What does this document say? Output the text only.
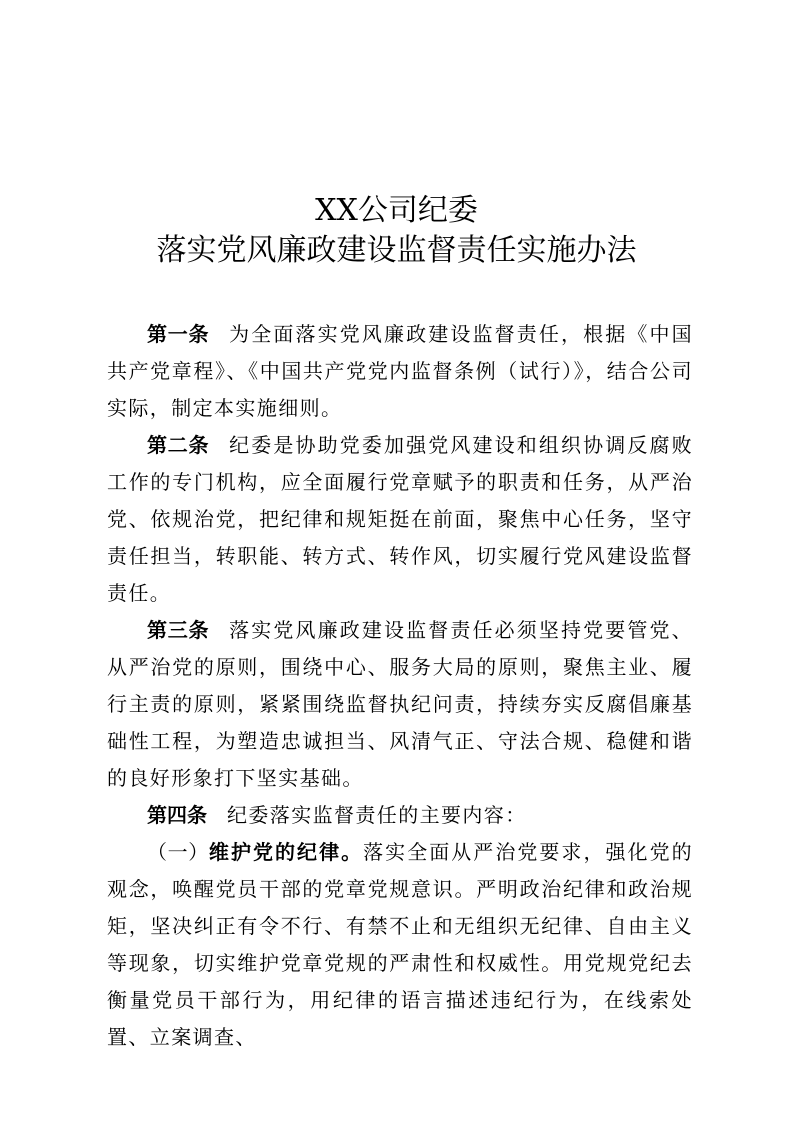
XX公司纪委
落实党风廉政建设监督责任实施办法

第一条 为全面落实党风廉政建设监督责任，根据《中国共产党章程》、《中国共产党党内监督条例（试行）》，结合公司实际，制定本实施细则。

第二条 纪委是协助党委加强党风建设和组织协调反腐败工作的专门机构，应全面履行党章赋予的职责和任务，从严治党、依规治党，把纪律和规矩挺在前面，聚焦中心任务，坚守责任担当，转职能、转方式、转作风，切实履行党风建设监督责任。

第三条 落实党风廉政建设监督责任必须坚持党要管党、从严治党的原则，围绕中心、服务大局的原则，聚焦主业、履行主责的原则，紧紧围绕监督执纪问责，持续夯实反腐倡廉基础性工程，为塑造忠诚担当、风清气正、守法合规、稳健和谐的良好形象打下坚实基础。

第四条 纪委落实监督责任的主要内容：

（一）维护党的纪律。落实全面从严治党要求，强化党的观念，唤醒党员干部的党章党规意识。严明政治纪律和政治规矩，坚决纠正有令不行、有禁不止和无组织无纪律、自由主义等现象，切实维护党章党规的严肃性和权威性。用党规党纪去衡量党员干部行为，用纪律的语言描述违纪行为，在线索处置、立案调查、
